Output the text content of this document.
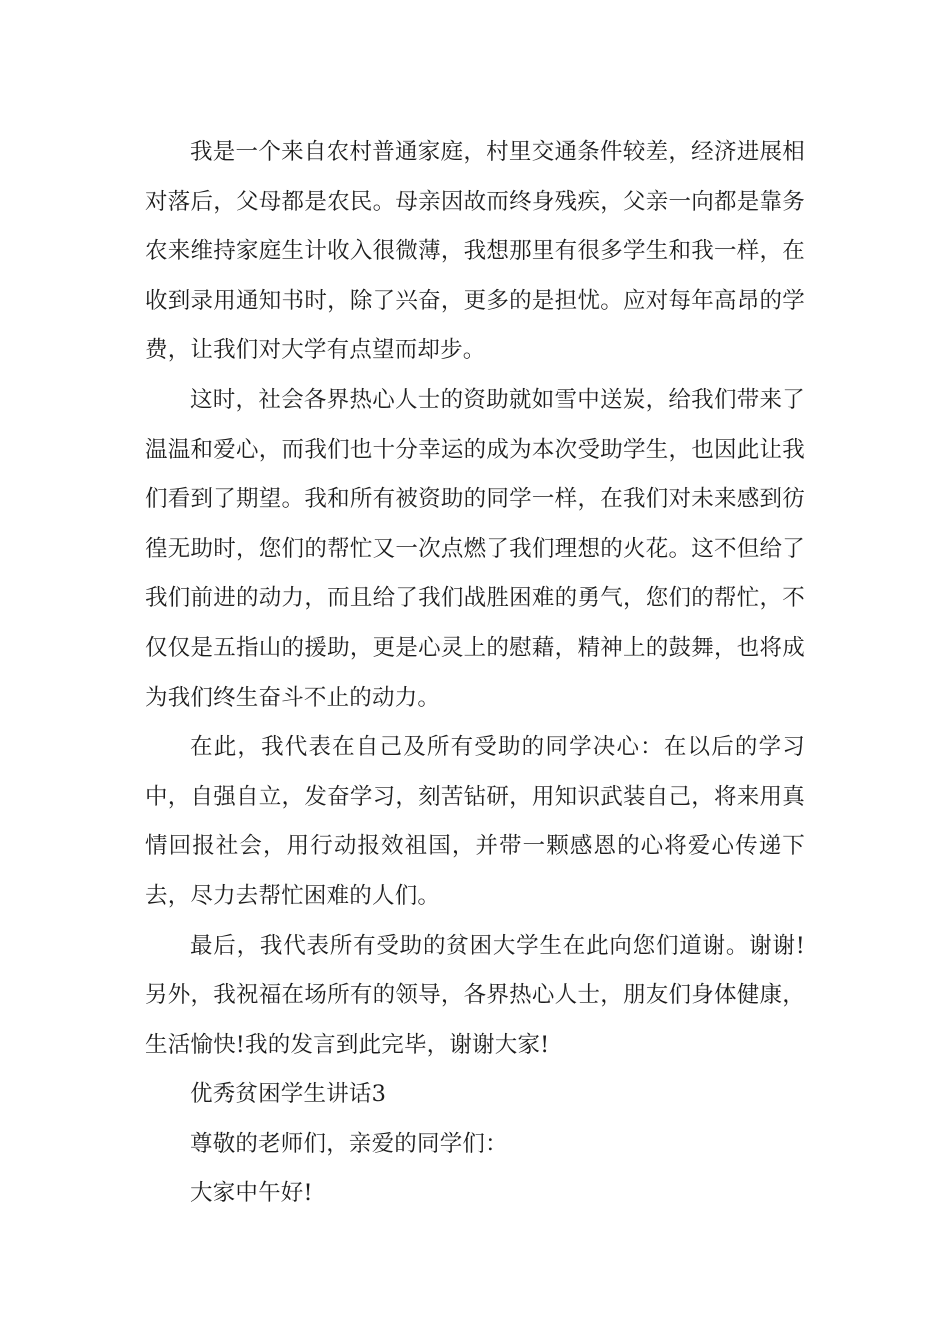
我是一个来自农村普通家庭，村里交通条件较差，经济进展相对落后，父母都是农民。母亲因故而终身残疾，父亲一向都是靠务农来维持家庭生计收入很微薄，我想那里有很多学生和我一样，在收到录用通知书时，除了兴奋，更多的是担忧。应对每年高昂的学费，让我们对大学有点望而却步。

这时，社会各界热心人士的资助就如雪中送炭，给我们带来了温温和爱心，而我们也十分幸运的成为本次受助学生，也因此让我们看到了期望。我和所有被资助的同学一样，在我们对未来感到彷徨无助时，您们的帮忙又一次点燃了我们理想的火花。这不但给了我们前进的动力，而且给了我们战胜困难的勇气，您们的帮忙，不仅仅是五指山的援助，更是心灵上的慰藉，精神上的鼓舞，也将成为我们终生奋斗不止的动力。

在此，我代表在自己及所有受助的同学决心：在以后的学习中，自强自立，发奋学习，刻苦钻研，用知识武装自己，将来用真情回报社会，用行动报效祖国，并带一颗感恩的心将爱心传递下去，尽力去帮忙困难的人们。

最后，我代表所有受助的贫困大学生在此向您们道谢。谢谢!另外，我祝福在场所有的领导，各界热心人士，朋友们身体健康，生活愉快!我的发言到此完毕，谢谢大家!

优秀贫困学生讲话3

尊敬的老师们，亲爱的同学们：

大家中午好!
